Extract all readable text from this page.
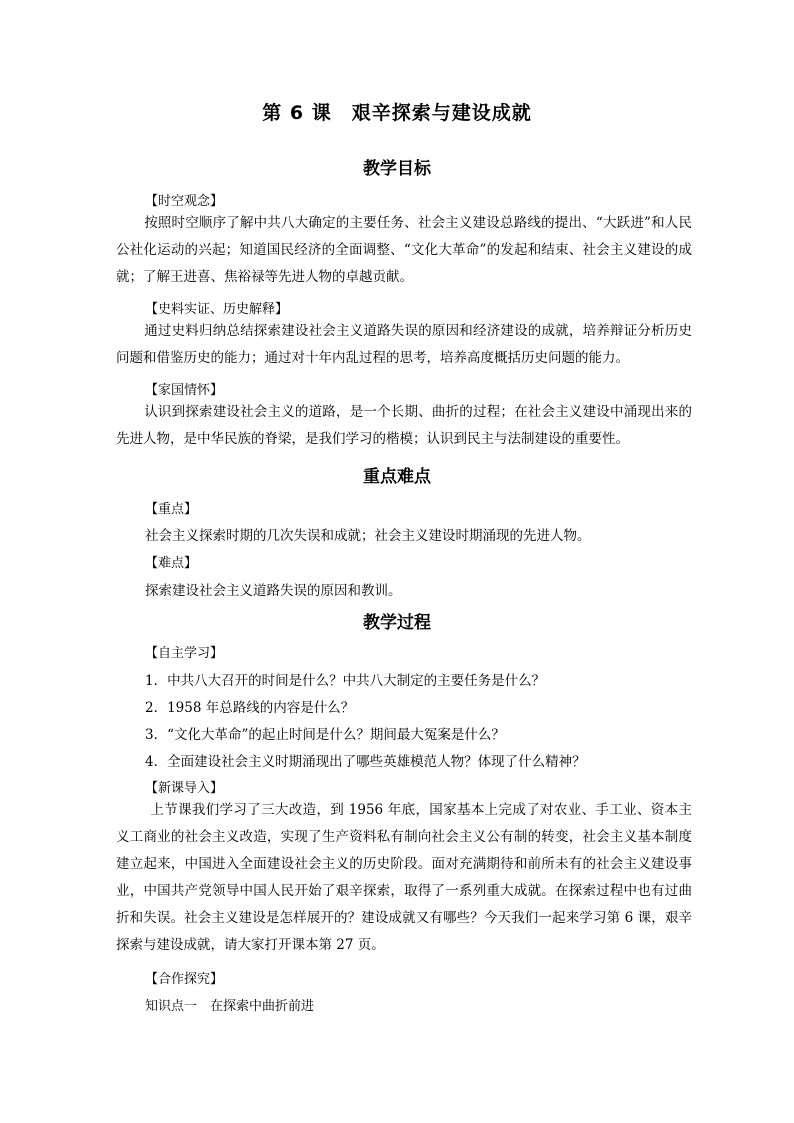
第 6 课　艰辛探索与建设成就
教学目标
【时空观念】
按照时空顺序了解中共八大确定的主要任务、社会主义建设总路线的提出、“大跃进”和人民公社化运动的兴起；知道国民经济的全面调整、“文化大革命”的发起和结束、社会主义建设的成就；了解王进喜、焦裕禄等先进人物的卓越贡献。
【史料实证、历史解释】
通过史料归纳总结探索建设社会主义道路失误的原因和经济建设的成就，培养辩证分析历史问题和借鉴历史的能力；通过对十年内乱过程的思考，培养高度概括历史问题的能力。
【家国情怀】
认识到探索建设社会主义的道路，是一个长期、曲折的过程；在社会主义建设中涌现出来的先进人物，是中华民族的脊梁，是我们学习的楷模；认识到民主与法制建设的重要性。
重点难点
【重点】
社会主义探索时期的几次失误和成就；社会主义建设时期涌现的先进人物。
【难点】
探索建设社会主义道路失误的原因和教训。
教学过程
【自主学习】
1．中共八大召开的时间是什么？中共八大制定的主要任务是什么？
2．1958 年总路线的内容是什么？
3．“文化大革命”的起止时间是什么？期间最大冤案是什么？
4．全面建设社会主义时期涌现出了哪些英雄模范人物？体现了什么精神？
【新课导入】
上节课我们学习了三大改造，到 1956 年底，国家基本上完成了对农业、手工业、资本主义工商业的社会主义改造，实现了生产资料私有制向社会主义公有制的转变，社会主义基本制度建立起来，中国进入全面建设社会主义的历史阶段。面对充满期待和前所未有的社会主义建设事业，中国共产党领导中国人民开始了艰辛探索，取得了一系列重大成就。在探索过程中也有过曲折和失误。社会主义建设是怎样展开的？建设成就又有哪些？今天我们一起来学习第 6 课，艰辛探索与建设成就，请大家打开课本第 27 页。
【合作探究】
知识点一　在探索中曲折前进
